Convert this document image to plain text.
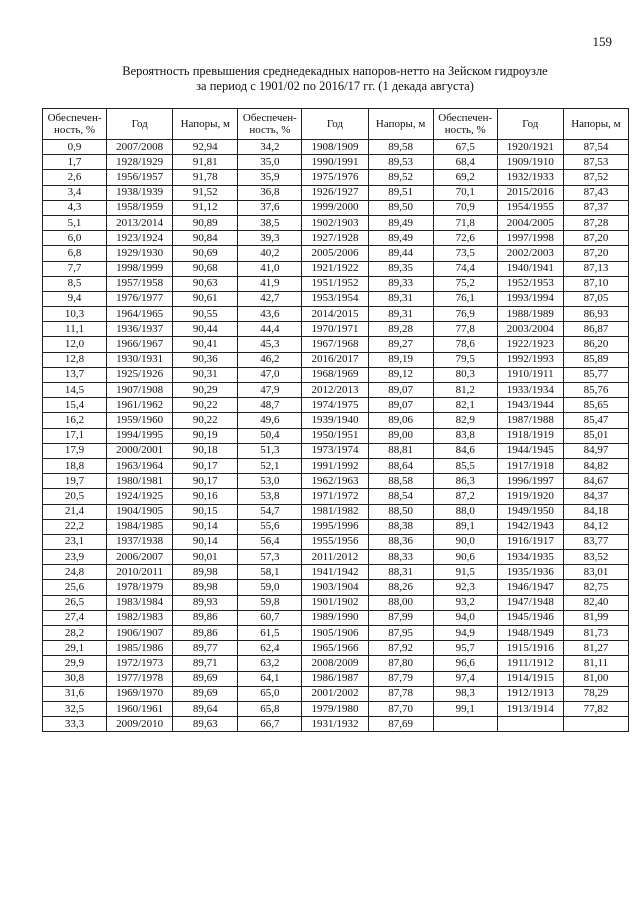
159
Вероятность превышения среднедекадных напоров-нетто на Зейском гидроузле
за период с 1901/02 по 2016/17 гг. (1 декада августа)
Обеспечен-ность, %	Год	Напоры, м	Обеспечен-ность, %	Год	Напоры, м	Обеспечен-ность, %	Год	Напоры, м
0,9	2007/2008	92,94	34,2	1908/1909	89,58	67,5	1920/1921	87,54
1,7	1928/1929	91,81	35,0	1990/1991	89,53	68,4	1909/1910	87,53
2,6	1956/1957	91,78	35,9	1975/1976	89,52	69,2	1932/1933	87,52
3,4	1938/1939	91,52	36,8	1926/1927	89,51	70,1	2015/2016	87,43
4,3	1958/1959	91,12	37,6	1999/2000	89,50	70,9	1954/1955	87,37
5,1	2013/2014	90,89	38,5	1902/1903	89,49	71,8	2004/2005	87,28
6,0	1923/1924	90,84	39,3	1927/1928	89,49	72,6	1997/1998	87,20
6,8	1929/1930	90,69	40,2	2005/2006	89,44	73,5	2002/2003	87,20
7,7	1998/1999	90,68	41,0	1921/1922	89,35	74,4	1940/1941	87,13
8,5	1957/1958	90,63	41,9	1951/1952	89,33	75,2	1952/1953	87,10
9,4	1976/1977	90,61	42,7	1953/1954	89,31	76,1	1993/1994	87,05
10,3	1964/1965	90,55	43,6	2014/2015	89,31	76,9	1988/1989	86,93
11,1	1936/1937	90,44	44,4	1970/1971	89,28	77,8	2003/2004	86,87
12,0	1966/1967	90,41	45,3	1967/1968	89,27	78,6	1922/1923	86,20
12,8	1930/1931	90,36	46,2	2016/2017	89,19	79,5	1992/1993	85,89
13,7	1925/1926	90,31	47,0	1968/1969	89,12	80,3	1910/1911	85,77
14,5	1907/1908	90,29	47,9	2012/2013	89,07	81,2	1933/1934	85,76
15,4	1961/1962	90,22	48,7	1974/1975	89,07	82,1	1943/1944	85,65
16,2	1959/1960	90,22	49,6	1939/1940	89,06	82,9	1987/1988	85,47
17,1	1994/1995	90,19	50,4	1950/1951	89,00	83,8	1918/1919	85,01
17,9	2000/2001	90,18	51,3	1973/1974	88,81	84,6	1944/1945	84,97
18,8	1963/1964	90,17	52,1	1991/1992	88,64	85,5	1917/1918	84,82
19,7	1980/1981	90,17	53,0	1962/1963	88,58	86,3	1996/1997	84,67
20,5	1924/1925	90,16	53,8	1971/1972	88,54	87,2	1919/1920	84,37
21,4	1904/1905	90,15	54,7	1981/1982	88,50	88,0	1949/1950	84,18
22,2	1984/1985	90,14	55,6	1995/1996	88,38	89,1	1942/1943	84,12
23,1	1937/1938	90,14	56,4	1955/1956	88,36	90,0	1916/1917	83,77
23,9	2006/2007	90,01	57,3	2011/2012	88,33	90,6	1934/1935	83,52
24,8	2010/2011	89,98	58,1	1941/1942	88,31	91,5	1935/1936	83,01
25,6	1978/1979	89,98	59,0	1903/1904	88,26	92,3	1946/1947	82,75
26,5	1983/1984	89,93	59,8	1901/1902	88,00	93,2	1947/1948	82,40
27,4	1982/1983	89,86	60,7	1989/1990	87,99	94,0	1945/1946	81,99
28,2	1906/1907	89,86	61,5	1905/1906	87,95	94,9	1948/1949	81,73
29,1	1985/1986	89,77	62,4	1965/1966	87,92	95,7	1915/1916	81,27
29,9	1972/1973	89,71	63,2	2008/2009	87,80	96,6	1911/1912	81,11
30,8	1977/1978	89,69	64,1	1986/1987	87,79	97,4	1914/1915	81,00
31,6	1969/1970	89,69	65,0	2001/2002	87,78	98,3	1912/1913	78,29
32,5	1960/1961	89,64	65,8	1979/1980	87,70	99,1	1913/1914	77,82
33,3	2009/2010	89,63	66,7	1931/1932	87,69			
